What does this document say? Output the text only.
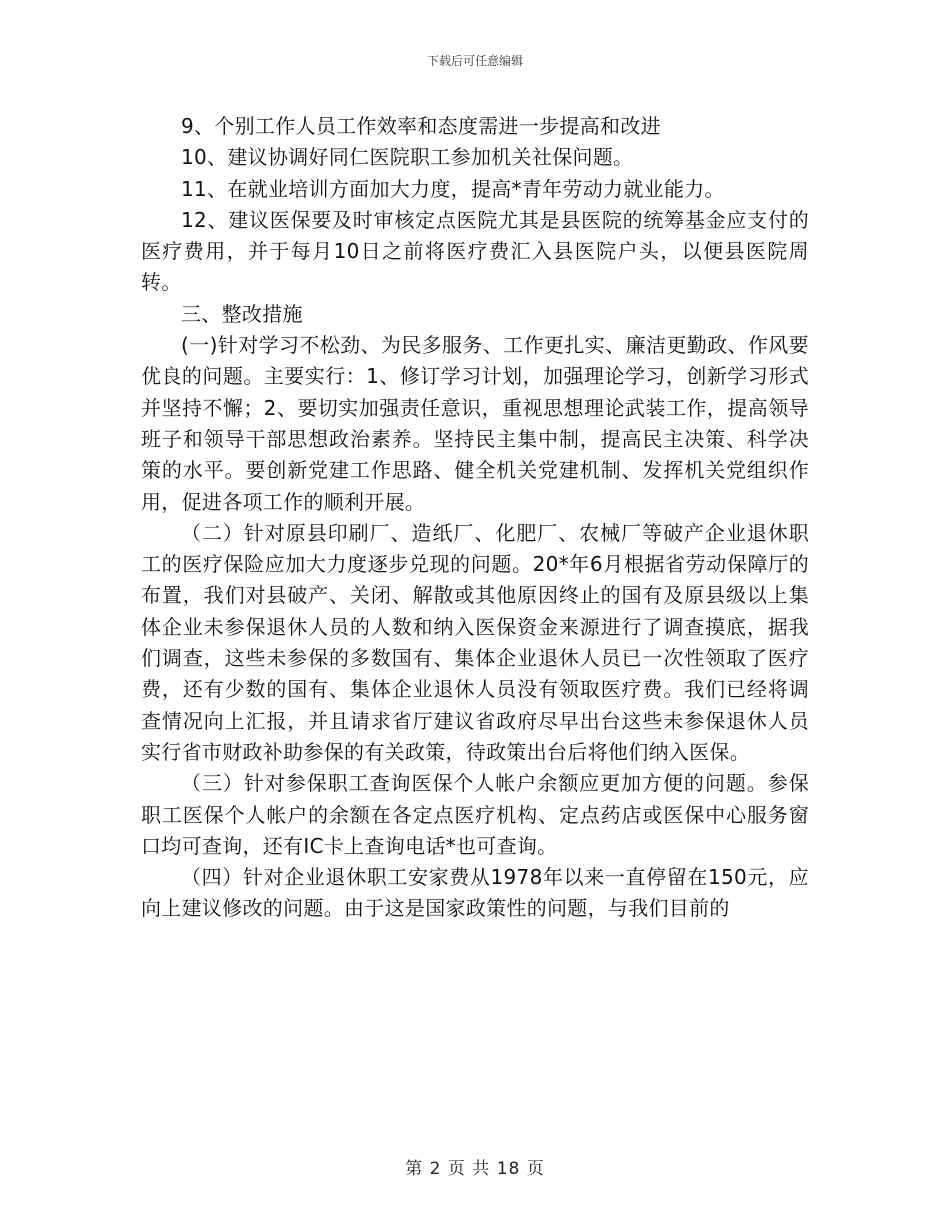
下载后可任意编辑

9、个别工作人员工作效率和态度需进一步提高和改进

10、建议协调好同仁医院职工参加机关社保问题。

11、在就业培训方面加大力度，提高*青年劳动力就业能力。

12、建议医保要及时审核定点医院尤其是县医院的统筹基金应支付的医疗费用，并于每月10日之前将医疗费汇入县医院户头，以便县医院周转。

三、整改措施

(一)针对学习不松劲、为民多服务、工作更扎实、廉洁更勤政、作风要优良的问题。主要实行：1、修订学习计划，加强理论学习，创新学习形式并坚持不懈；2、要切实加强责任意识，重视思想理论武装工作，提高领导班子和领导干部思想政治素养。坚持民主集中制，提高民主决策、科学决策的水平。要创新党建工作思路、健全机关党建机制、发挥机关党组织作用，促进各项工作的顺利开展。

（二）针对原县印刷厂、造纸厂、化肥厂、农械厂等破产企业退休职工的医疗保险应加大力度逐步兑现的问题。20*年6月根据省劳动保障厅的布置，我们对县破产、关闭、解散或其他原因终止的国有及原县级以上集体企业未参保退休人员的人数和纳入医保资金来源进行了调查摸底，据我们调查，这些未参保的多数国有、集体企业退休人员已一次性领取了医疗费，还有少数的国有、集体企业退休人员没有领取医疗费。我们已经将调查情况向上汇报，并且请求省厅建议省政府尽早出台这些未参保退休人员实行省市财政补助参保的有关政策，待政策出台后将他们纳入医保。

（三）针对参保职工查询医保个人帐户余额应更加方便的问题。参保职工医保个人帐户的余额在各定点医疗机构、定点药店或医保中心服务窗口均可查询，还有IC卡上查询电话*也可查询。

（四）针对企业退休职工安家费从1978年以来一直停留在150元，应向上建议修改的问题。由于这是国家政策性的问题，与我们目前的

第 2 页 共 18 页
